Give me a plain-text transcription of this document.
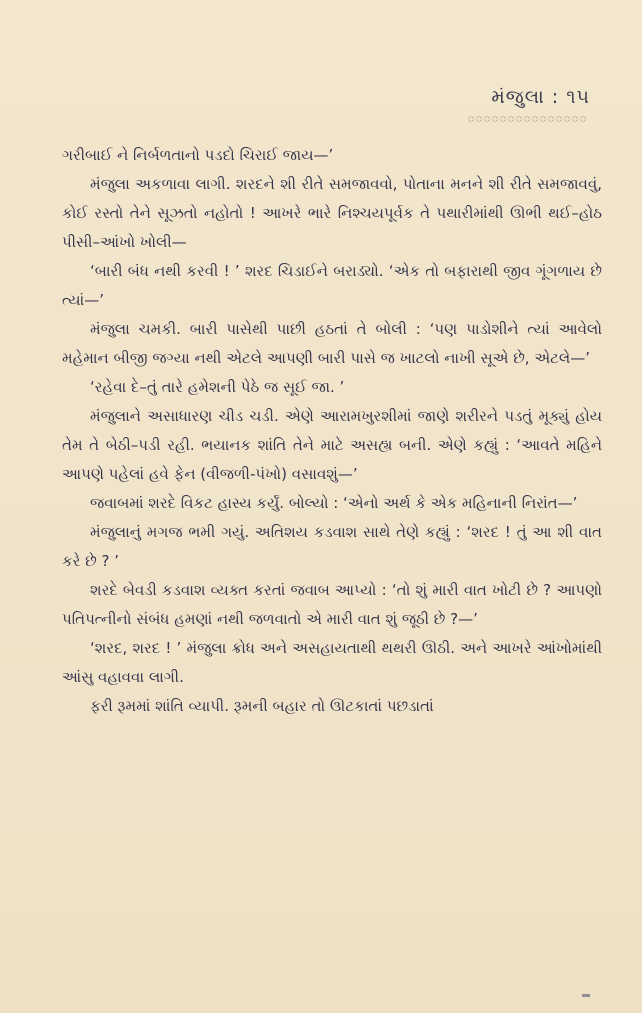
મંજુલા : ૧૫

ગરીબાઈ ને નિર્બળતાનો પડદો ચિરાઈ જાય—’

મંજુલા અકળાવા લાગી. શરદને શી રીતે સમજાવવો, પોતાના મનને શી રીતે સમજાવવું, કોઈ રસ્તો તેને સૂઝતો નહોતો ! આખરે ભારે નિશ્ચયપૂર્વક તે પથારીમાંથી ઊભી થઈ–હોઠ પીસી–આંખો ખોલી—

‘બારી બંધ નથી કરવી ! ’ શરદ ચિડાઈને બરાડ્યો. ‘એક તો બફારાથી જીવ ગૂંગળાય છે ત્યાં—’

મંજુલા ચમકી. બારી પાસેથી પાછી હઠતાં તે બોલી : ‘પણ પાડોશીને ત્યાં આવેલો મહેમાન બીજી જગ્યા નથી એટલે આપણી બારી પાસે જ ખાટલો નાખી સૂએ છે, એટલે—’

‘રહેવા દે–તું તારે હમેશની પેઠે જ સૂઈ જા. ’

મંજુલાને અસાધારણ ચીડ ચડી. એણે આરામખુરશીમાં જાણે શરીરને પડતું મૂક્યું હોય તેમ તે બેઠી–પડી રહી. ભયાનક શાંતિ તેને માટે અસહ્ય બની. એણે કહ્યું : ‘આવતે મહિને આપણે પહેલાં હવે ફેન (વીજળી-પંખો) વસાવશું—’

જવાબમાં શરદે વિકટ હાસ્ય કર્યું. બોલ્યો : ‘એનો અર્થ કે એક મહિનાની નિરાંત—’

મંજુલાનું મગજ ભમી ગયું. અતિશય કડવાશ સાથે તેણે કહ્યું : ‘શરદ ! તું આ શી વાત કરે છે ? ’

શરદે બેવડી કડવાશ વ્યક્ત કરતાં જવાબ આપ્યો : ‘તો શું મારી વાત ખોટી છે ? આપણો પતિપત્નીનો સંબંધ હમણાં નથી જળવાતો એ મારી વાત શું જૂઠી છે ?—’

‘શરદ, શરદ ! ’ મંજુલા ક્રોધ અને અસહાયતાથી થથરી ઊઠી. અને આખરે આંખોમાંથી આંસુ વહાવવા લાગી.

ફરી રૂમમાં શાંતિ વ્યાપી. રૂમની બહાર તો ઊટકાતાં પછડાતાં
